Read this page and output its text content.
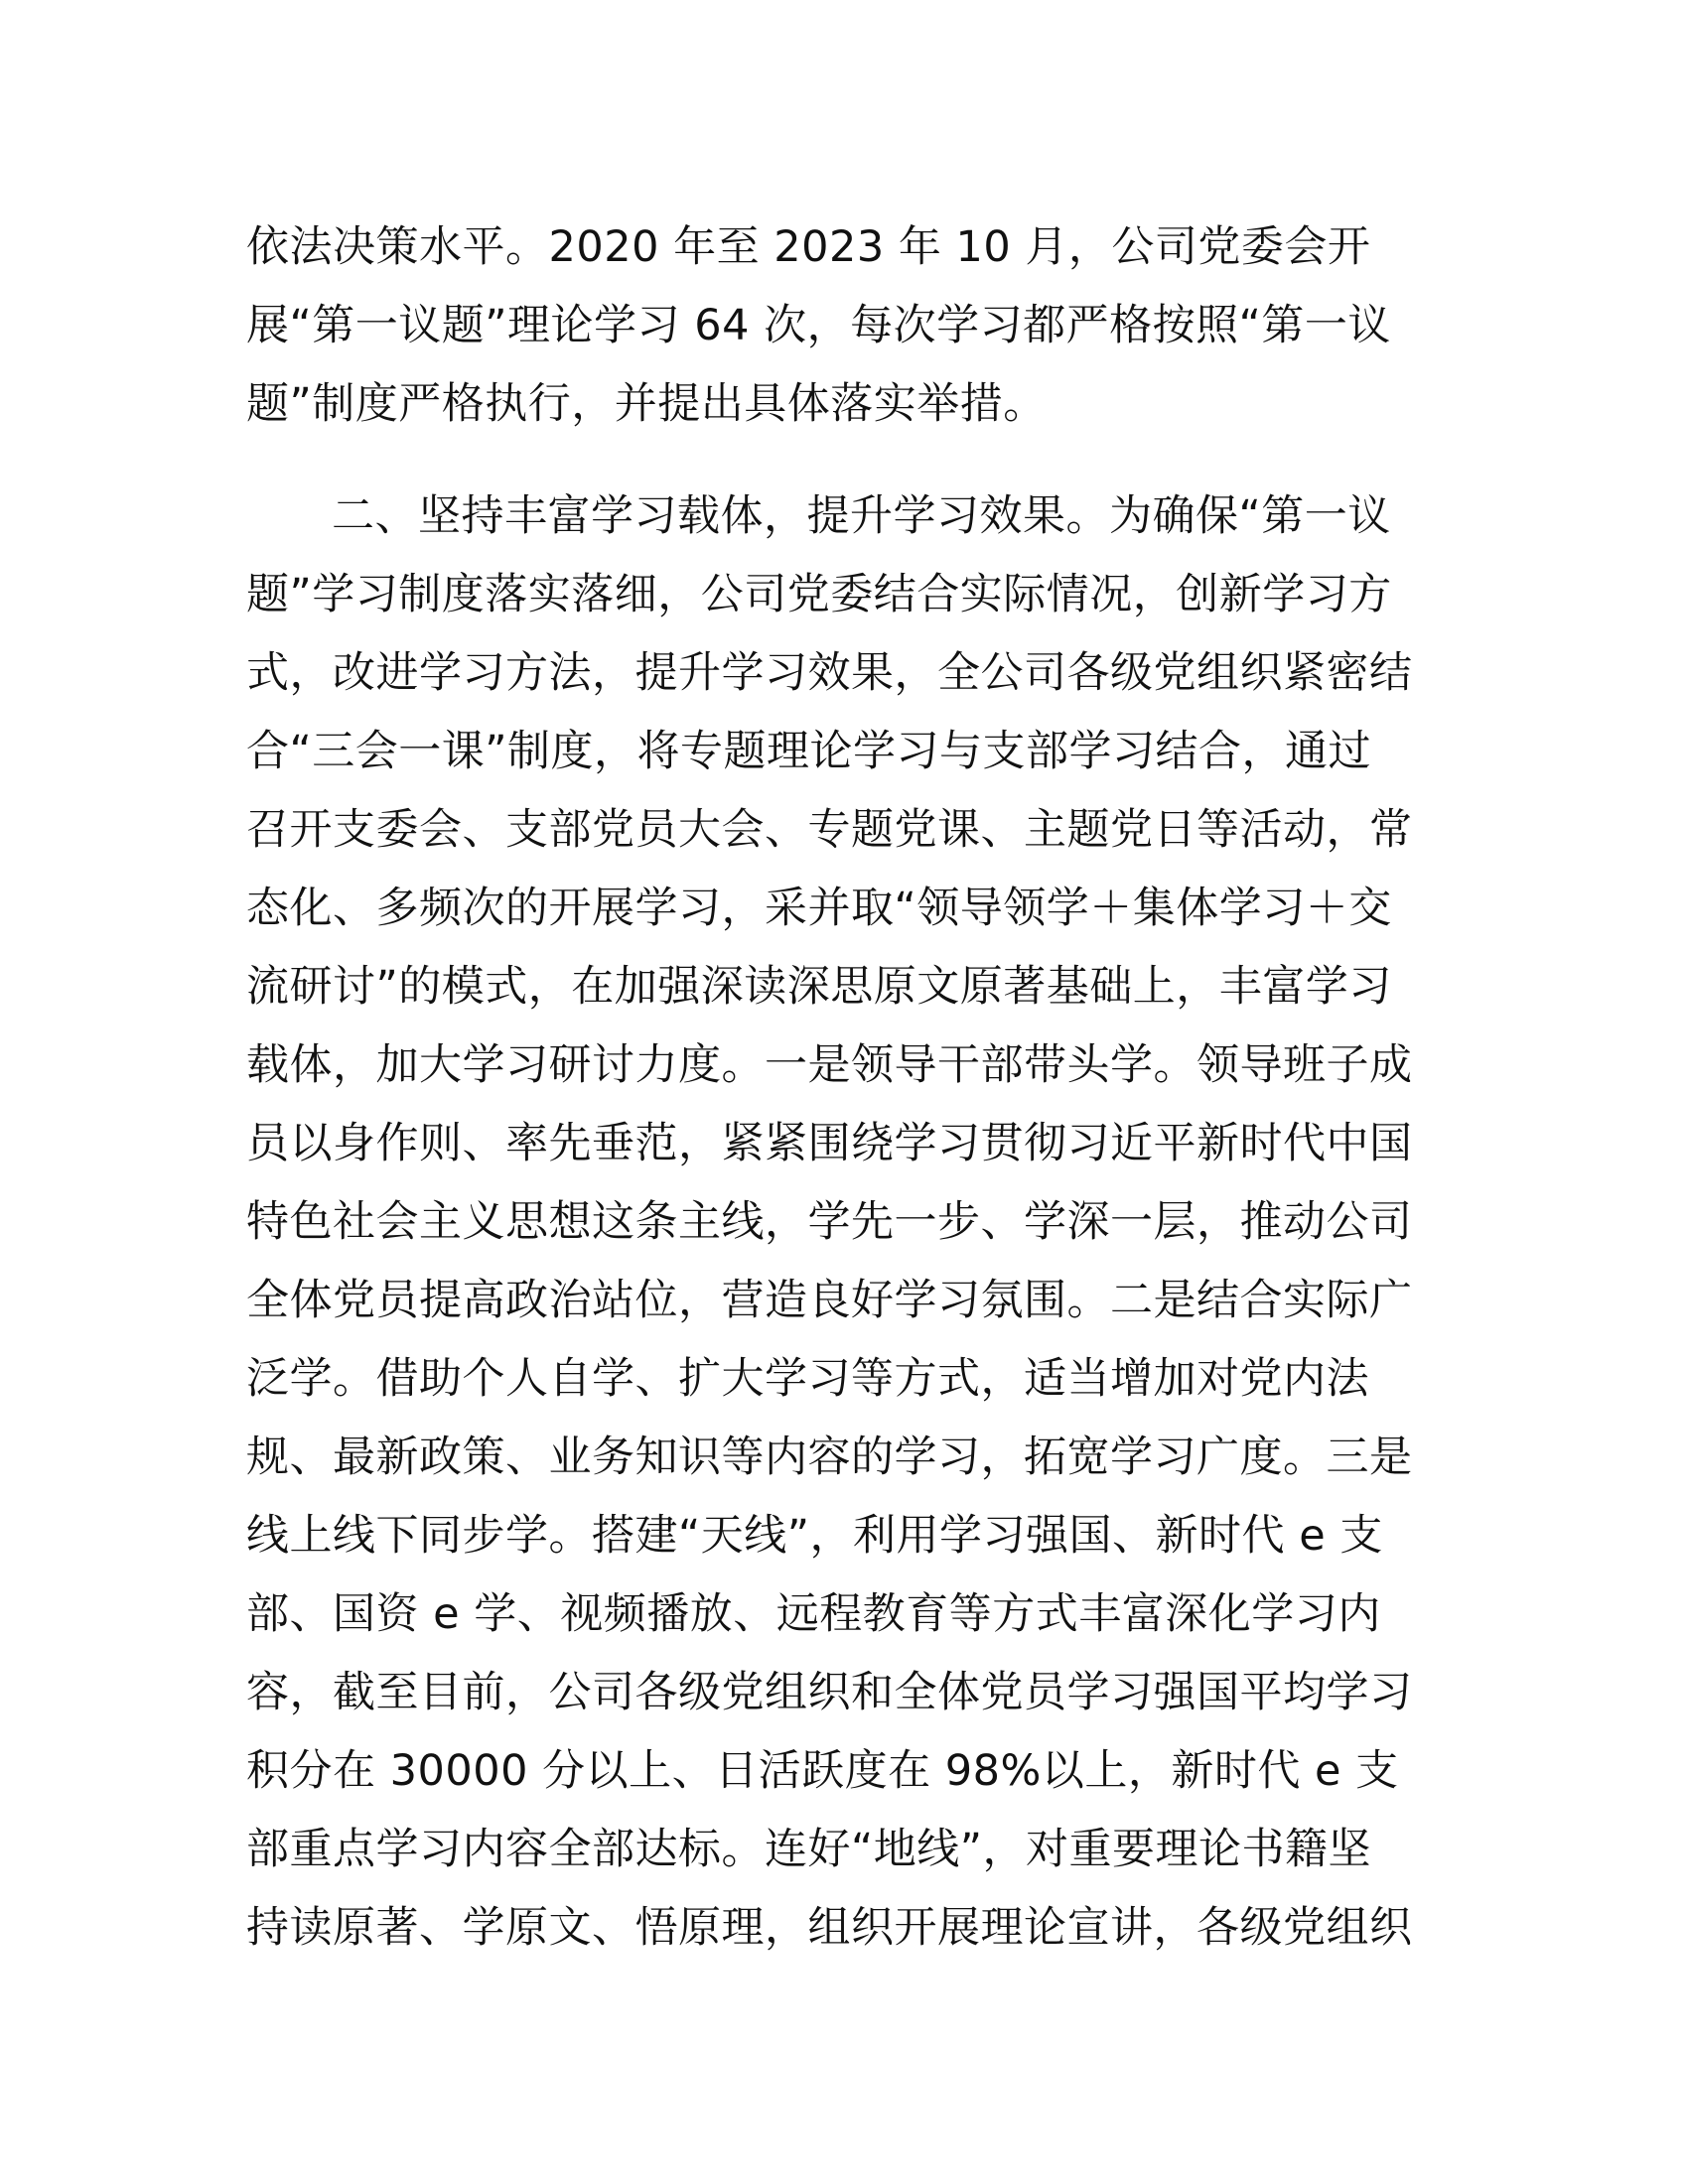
依法决策水平。2020 年至 2023 年 10 月，公司党委会开
展“第一议题”理论学习 64 次，每次学习都严格按照“第一议
题”制度严格执行，并提出具体落实举措。
二、坚持丰富学习载体，提升学习效果。为确保“第一议
题”学习制度落实落细，公司党委结合实际情况，创新学习方
式，改进学习方法，提升学习效果，全公司各级党组织紧密结
合“三会一课”制度，将专题理论学习与支部学习结合，通过
召开支委会、支部党员大会、专题党课、主题党日等活动，常
态化、多频次的开展学习，采并取“领导领学＋集体学习＋交
流研讨”的模式，在加强深读深思原文原著基础上，丰富学习
载体，加大学习研讨力度。一是领导干部带头学。领导班子成
员以身作则、率先垂范，紧紧围绕学习贯彻习近平新时代中国
特色社会主义思想这条主线，学先一步、学深一层，推动公司
全体党员提高政治站位，营造良好学习氛围。二是结合实际广
泛学。借助个人自学、扩大学习等方式，适当增加对党内法
规、最新政策、业务知识等内容的学习，拓宽学习广度。三是
线上线下同步学。搭建“天线”，利用学习强国、新时代 e 支
部、国资 e 学、视频播放、远程教育等方式丰富深化学习内
容，截至目前，公司各级党组织和全体党员学习强国平均学习
积分在 30000 分以上、日活跃度在 98%以上，新时代 e 支
部重点学习内容全部达标。连好“地线”，对重要理论书籍坚
持读原著、学原文、悟原理，组织开展理论宣讲，各级党组织
